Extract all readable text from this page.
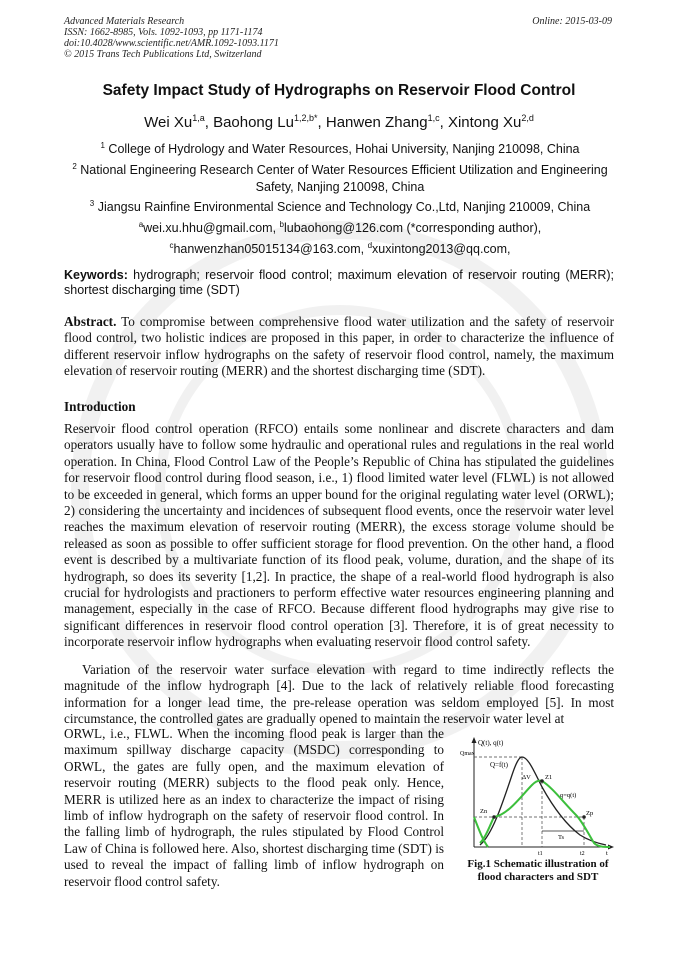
Advanced Materials Research
ISSN: 1662-8985, Vols. 1092-1093, pp 1171-1174
doi:10.4028/www.scientific.net/AMR.1092-1093.1171
© 2015 Trans Tech Publications Ltd, Switzerland
Online: 2015-03-09
Safety Impact Study of Hydrographs on Reservoir Flood Control
Wei Xu$^{1,a}$, Baohong $Lu^{1,2,b*}$, Hanwen Zhang$^{1,c}$, Xintong Xu$^{2,d}$
$^1$ College of Hydrology and Water Resources, Hohai University, Nanjing 210098, China
$^2$ National Engineering Research Center of Water Resources Efficient Utilization and Engineering Safety, Nanjing 210098, China
$^3$ Jiangsu Rainfine Environmental Science and Technology Co.,Ltd, Nanjing 210009, China
$^a$wei.xu.hhu@gmail.com, $^b$lubaohong@126.com (*corresponding author),
$^c$hanwenzhan05015134@163.com, $^d$xuxintong2013@qq.com,
Keywords: hydrograph; reservoir flood control; maximum elevation of reservoir routing (MERR); shortest discharging time (SDT)
Abstract. To compromise between comprehensive flood water utilization and the safety of reservoir flood control, two holistic indices are proposed in this paper, in order to characterize the influence of different reservoir inflow hydrographs on the safety of reservoir flood control, namely, the maximum elevation of reservoir routing (MERR) and the shortest discharging time (SDT).
Introduction
Reservoir flood control operation (RFCO) entails some nonlinear and discrete characters and dam operators usually have to follow some hydraulic and operational rules and regulations in the real world operation. In China, Flood Control Law of the People’s Republic of China has stipulated the guidelines for reservoir flood control during flood season, i.e., 1) flood limited water level (FLWL) is not allowed to be exceeded in general, which forms an upper bound for the original regulating water level (ORWL); 2) considering the uncertainty and incidences of subsequent flood events, once the reservoir water level reaches the maximum elevation of reservoir routing (MERR), the excess storage volume should be released as soon as possible to offer sufficient storage for flood prevention. On the other hand, a flood event is described by a multivariate function of its flood peak, volume, duration, and the shape of its hydrograph, so does its severity [1,2]. In practice, the shape of a real-world flood hydrograph is also crucial for hydrologists and practioners to perform effective water resources engineering planning and management, especially in the case of RFCO. Because different flood hydrographs may give rise to significant differences in reservoir flood control operation [3]. Therefore, it is of great necessity to incorporate reservoir inflow hydrographs when evaluating reservoir flood control safety.
Variation of the reservoir water surface elevation with regard to time indirectly reflects the magnitude of the inflow hydrograph [4]. Due to the lack of relatively reliable flood forecasting information for a longer lead time, the pre-release operation was seldom employed [5]. In most circumstance, the controlled gates are gradually opened to maintain the reservoir water level at
ORWL, i.e., FLWL. When the incoming flood peak is larger than the maximum spillway discharge capacity (MSDC) corresponding to ORWL, the gates are fully open, and the maximum elevation of reservoir routing (MERR) subjects to the flood peak only. Hence, MERR is utilized here as an index to characterize the impact of rising limb of inflow hydrograph on the safety of reservoir flood control. In the falling limb of hydrograph, the rules stipulated by Flood Control Law of China is followed here. Also, shortest discharging time (SDT) is used to reveal the impact of falling limb of inflow hydrograph on reservoir flood control safety.
Q(t), q(t)
Qmax
Q=f(t)
ΔV Z1
q=q(t)
Zn	Zp
Ts
t1	t2	t
Fig.1 Schematic illustration of
flood characters and SDT
